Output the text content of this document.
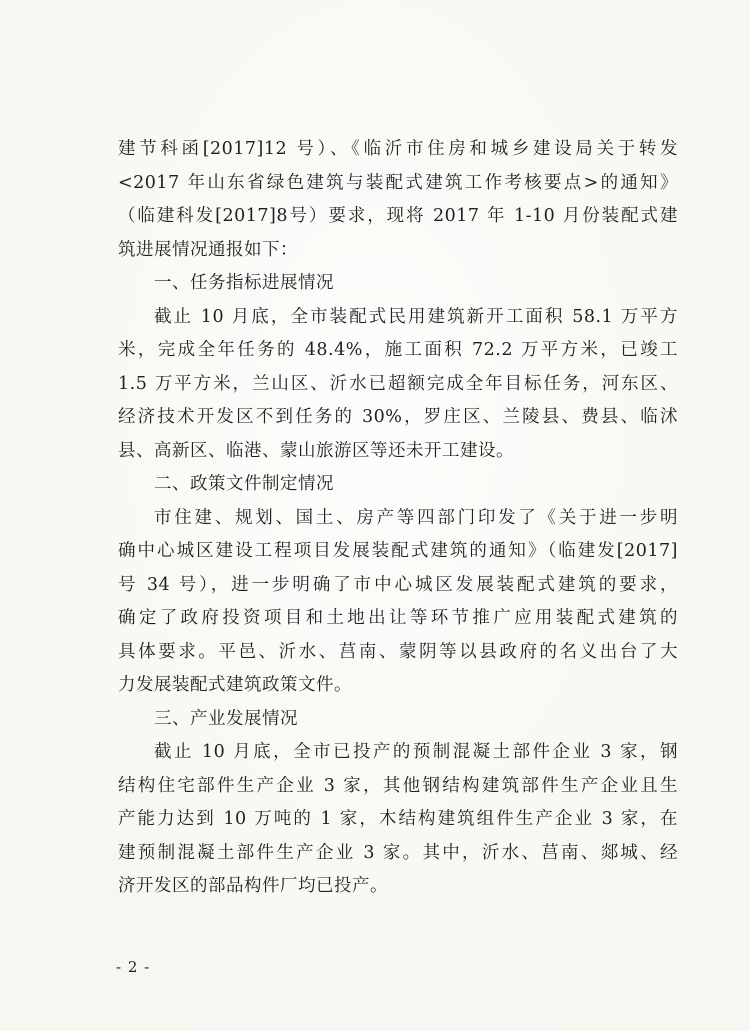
建节科函[2017]12 号）、《临沂市住房和城乡建设局关于转发
<2017 年山东省绿色建筑与装配式建筑工作考核要点>的通知》
（临建科发[2017]8号）要求，现将 2017 年 1-10 月份装配式建
筑进展情况通报如下：
一、任务指标进展情况
截止 10 月底，全市装配式民用建筑新开工面积 58.1 万平方
米，完成全年任务的 48.4%，施工面积 72.2 万平方米，已竣工
1.5 万平方米，兰山区、沂水已超额完成全年目标任务，河东区、
经济技术开发区不到任务的 30%，罗庄区、兰陵县、费县、临沭
县、高新区、临港、蒙山旅游区等还未开工建设。
二、政策文件制定情况
市住建、规划、国土、房产等四部门印发了《关于进一步明
确中心城区建设工程项目发展装配式建筑的通知》（临建发[2017]
号 34 号），进一步明确了市中心城区发展装配式建筑的要求，
确定了政府投资项目和土地出让等环节推广应用装配式建筑的
具体要求。平邑、沂水、莒南、蒙阴等以县政府的名义出台了大
力发展装配式建筑政策文件。
三、产业发展情况
截止 10 月底，全市已投产的预制混凝土部件企业 3 家，钢
结构住宅部件生产企业 3 家，其他钢结构建筑部件生产企业且生
产能力达到 10 万吨的 1 家，木结构建筑组件生产企业 3 家，在
建预制混凝土部件生产企业 3 家。其中，沂水、莒南、郯城、经
济开发区的部品构件厂均已投产。
- 2 -
